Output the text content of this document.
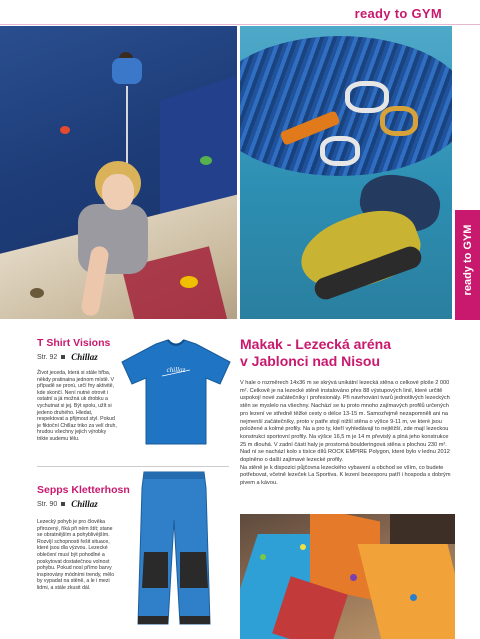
ready to GYM
ready to GYM
43
T Shirt Visions
Str. 92 Chillaz
Život jeceda, která si stále hřba, někdy pratinaina jednom místě. V případě se prorú, určí fny aktivitě, kde skončí. Není nutné otrovit i ostatní a já možná uk drobku a vychutnat si jej. Být spolu, užít si jedeno druhého. Hledat, respektovat a přijmout styl. Pokud je fiktoční Chillaz triko za velí druh, hrudou všechny jejich výrobky trikte sudemu tělu.
chillaz
Sepps Kletterhosn
Str. 90 Chillaz
Lezecký pohyb je pro člověka přirozený, říká při něm štít; stane se obratnějším a pohyblivějším. Rozvíjí schopnosti řešit situace, které jsou dla výzvou. Lezecké oblečení musí být pohodlné a poskytovat dostatečnou volnost pohybu. Pokud nosí přímo barvy inspirovány módními trendy, mělo by vypadat na stěně, a le i mezi lidmi, a stále zkusit dál.
Makak - Lezecká aréna
v Jablonci nad Nisou

V hale o rozměrech 14x36 m se skrývá unikátní lezecká stěna o celkové ploše 2 000 m². Celkově je na lezecké stěně instalováno přes 88 výstupových linií, které určitě uspokojí nové začátečníky i profesionály. Při navrhování tvarů jednotlivých lezeckých stěn se myslelo na všechny. Nachází se tu proto mnoho zajímavých profilů určených pro lezení ve středně těžké cesty o délce 13-15 m. Samozřejmě nezapomněli ani na nejmenší začátečníky, proto v patře stojí nižší stěna o výšce 9-11 m, ve které jsou položené a kolmé profily. Na a pro ty, kteří vyhledávají to nejtěžší, zde mají lezeckou konstrukci sportovní profily. Na výšce 16,5 m je 14 m převislý a plná jeho konstrukce 25 m dlouhá. V zadní části haly je prostorná boulderingová stěna s plochou 230 m². Nad ní se nachází kolo s tisíce dílů ROCK EMPIRE Polygon, které bylo v lednu 2012 doplněno o další zajímavé lezecké profily.

Na stěně je k dispozici půjčovna lezeckého vybavení a obchod se vším, co budete potřebovat, včetně lezeček La Sportiva. K lezení bezesporu patří i hospoda s dobrým pivem a kávou.
